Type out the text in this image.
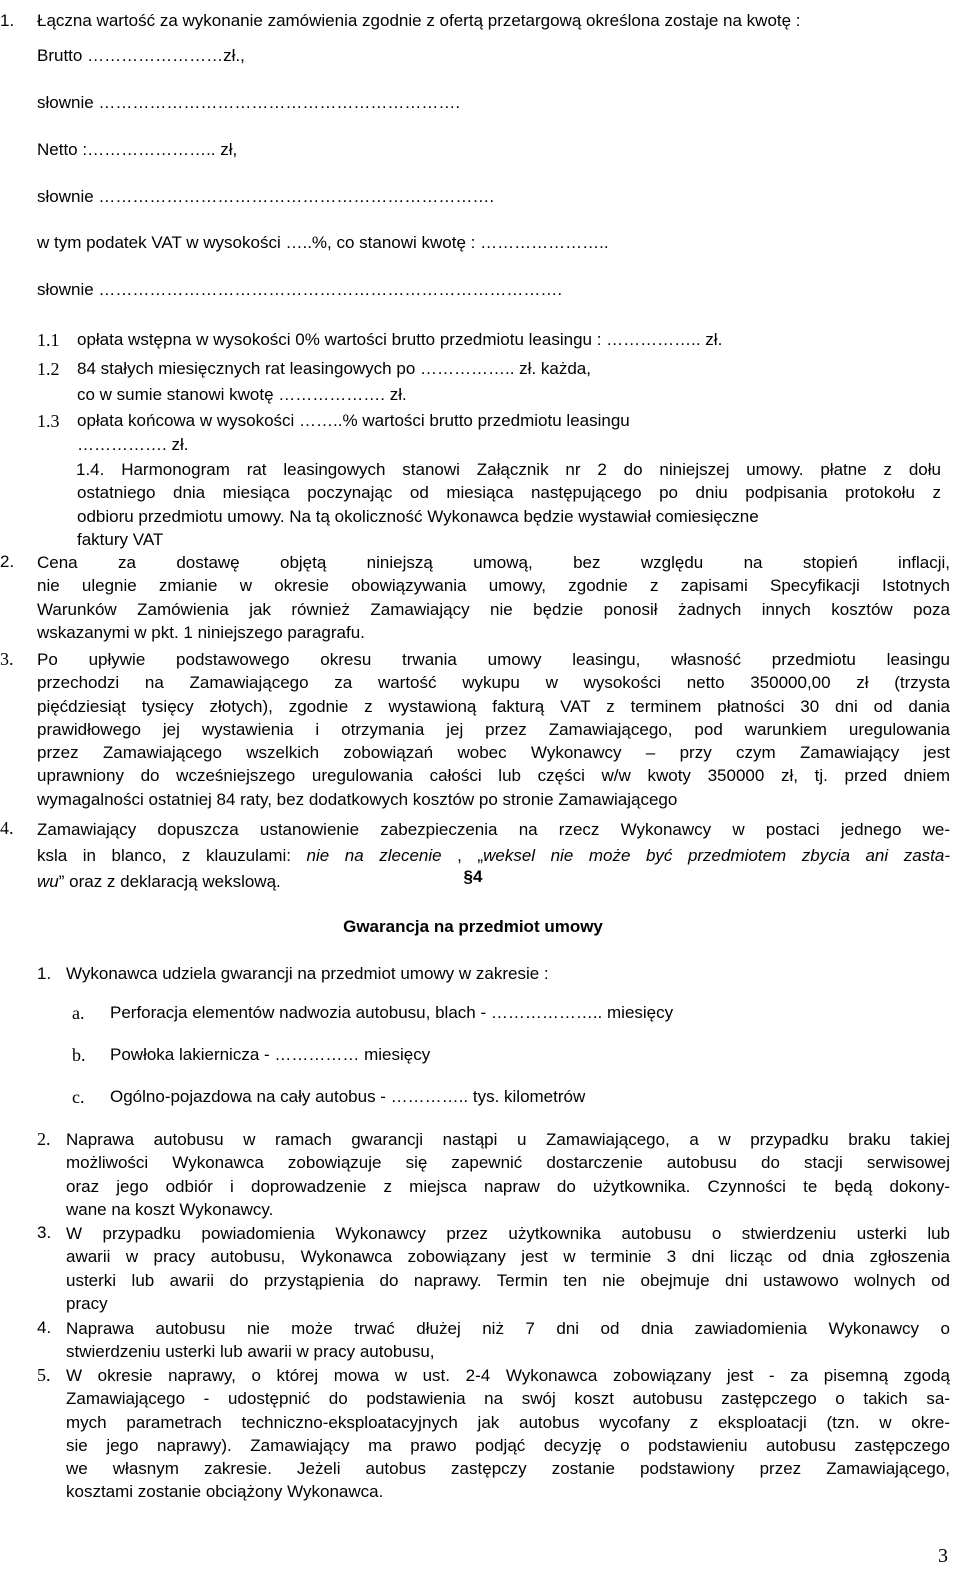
1. Łączna wartość za wykonanie zamówienia zgodnie z ofertą przetargową określona zostaje na kwotę :
Brutto ……………………zł.,
słownie ……………………………………………………….
Netto :………………….. zł,
słownie …………………………………………………………….
w tym podatek VAT w wysokości …..%, co stanowi kwotę : …………………..
słownie ……………………………………………………………………….
1.1 opłata wstępna w wysokości 0% wartości brutto przedmiotu leasingu : …………….. zł.
1.2 84 stałych miesięcznych rat leasingowych po …………….. zł. każda,
co w sumie stanowi kwotę ………………. zł.
1.3 opłata końcowa w wysokości ……..% wartości brutto przedmiotu leasingu
……………. zł.
1.4. Harmonogram rat leasingowych stanowi Załącznik nr 2 do niniejszej umowy. płatne z dołu
ostatniego dnia miesiąca poczynając od miesiąca następującego po dniu podpisania protokołu z
odbioru przedmiotu umowy. Na tą okoliczność Wykonawca będzie wystawiał comiesięczne
faktury VAT
2. Cena za dostawę objętą niniejszą umową, bez względu na stopień inflacji,
nie ulegnie zmianie w okresie obowiązywania umowy, zgodnie z zapisami Specyfikacji Istotnych
Warunków Zamówienia jak również Zamawiający nie będzie ponosił żadnych innych kosztów poza
wskazanymi w pkt. 1 niniejszego paragrafu.
3. Po upływie podstawowego okresu trwania umowy leasingu, własność przedmiotu leasingu
przechodzi na Zamawiającego za wartość wykupu w wysokości netto 350000,00 zł (trzysta
pięćdziesiąt tysięcy złotych), zgodnie z wystawioną fakturą VAT z terminem płatności 30 dni od dania
prawidłowego jej wystawienia i otrzymania jej przez Zamawiającego, pod warunkiem uregulowania
przez Zamawiającego wszelkich zobowiązań wobec Wykonawcy – przy czym Zamawiający jest
uprawniony do wcześniejszego uregulowania całości lub części w/w kwoty 350000 zł, tj. przed dniem
wymagalności ostatniej 84 raty, bez dodatkowych kosztów po stronie Zamawiającego
4. Zamawiający dopuszcza ustanowienie zabezpieczenia na rzecz Wykonawcy w postaci jednego we-
ksla in blanco, z klauzulami: nie na zlecenie , „weksel nie może być przedmiotem zbycia ani zasta-
wu” oraz z deklaracją wekslową.	§4
Gwarancja na przedmiot umowy
1. Wykonawca udziela gwarancji na przedmiot umowy w zakresie :
a. Perforacja elementów nadwozia autobusu, blach - ……………….. miesięcy
b. Powłoka lakiernicza - …………… miesięcy
c. Ogólno-pojazdowa na cały autobus - ………….. tys. kilometrów
2. Naprawa autobusu w ramach gwarancji nastąpi u Zamawiającego, a w przypadku braku takiej
możliwości Wykonawca zobowiązuje się zapewnić dostarczenie autobusu do stacji serwisowej
oraz jego odbiór i doprowadzenie z miejsca napraw do użytkownika. Czynności te będą dokony-
wane na koszt Wykonawcy.
3. W przypadku powiadomienia Wykonawcy przez użytkownika autobusu o stwierdzeniu usterki lub
awarii w pracy autobusu, Wykonawca zobowiązany jest w terminie 3 dni licząc od dnia zgłoszenia
usterki lub awarii do przystąpienia do naprawy. Termin ten nie obejmuje dni ustawowo wolnych od
pracy
4. Naprawa autobusu nie może trwać dłużej niż 7 dni od dnia zawiadomienia Wykonawcy o
stwierdzeniu usterki lub awarii w pracy autobusu,
5. W okresie naprawy, o której mowa w ust. 2-4 Wykonawca zobowiązany jest - za pisemną zgodą
Zamawiającego - udostępnić do podstawienia na swój koszt autobusu zastępczego o takich sa-
mych parametrach techniczno-eksploatacyjnych jak autobus wycofany z eksploatacji (tzn. w okre-
sie jego naprawy). Zamawiający ma prawo podjąć decyzję o podstawieniu autobusu zastępczego
we własnym zakresie. Jeżeli autobus zastępczy zostanie podstawiony przez Zamawiającego,
kosztami zostanie obciążony Wykonawca.
3
